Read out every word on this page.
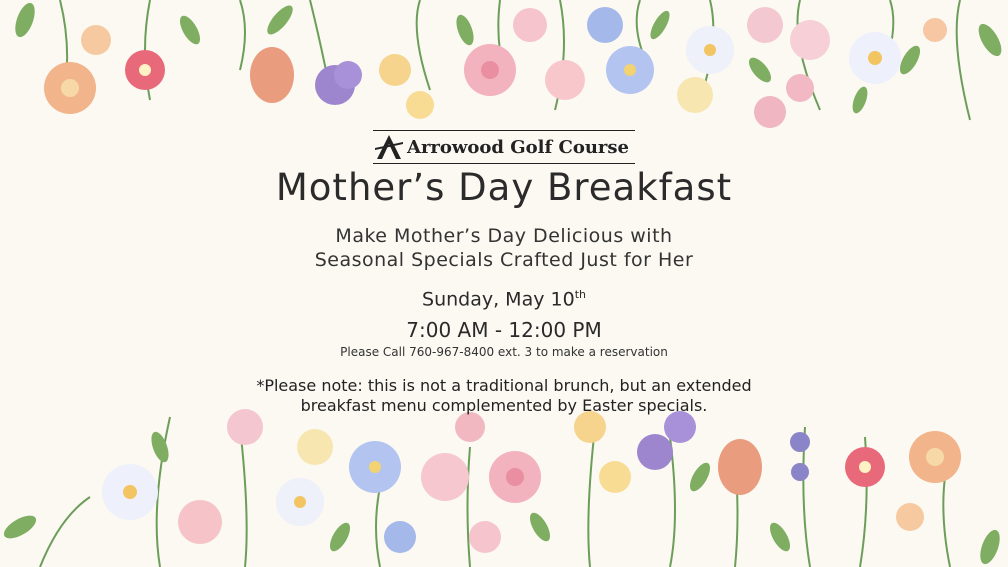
Arrowood Golf Course
Mother’s Day Breakfast
Make Mother’s Day Delicious with
Seasonal Specials Crafted Just for Her
Sunday, May 10th
7:00 AM - 12:00 PM
Please Call 760-967-8400 ext. 3 to make a reservation
*Please note: this is not a traditional brunch, but an extended
breakfast menu complemented by Easter specials.
